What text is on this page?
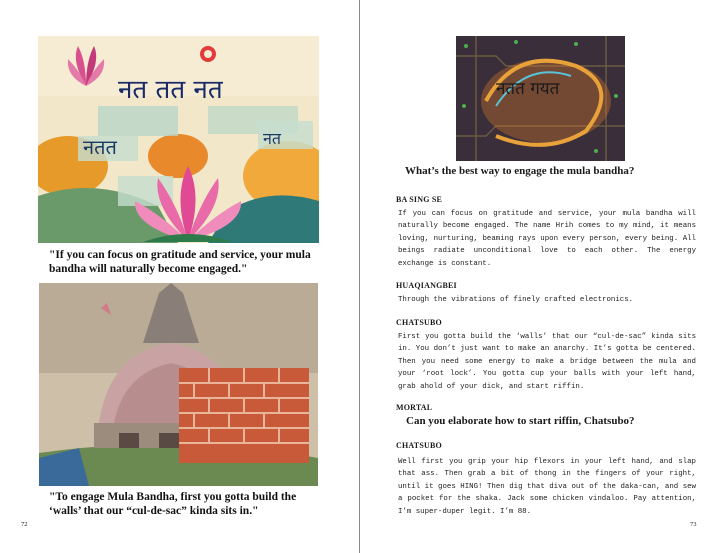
नत तत नत
नतत	नत
"If you can focus on gratitude and service, your mula bandha will naturally become engaged."
"To engage Mula Bandha, first you gotta build the ‘walls’ that our “cul-de-sac” kinda sits in."
72
नतत गयत
What’s the best way to engage the mula bandha?
BA SING SE
If you can focus on gratitude and service, your mula bandha will naturally become engaged. The name Hrih comes to my mind, it means loving, nurturing, beaming rays upon every person, every being. All beings radiate unconditional love to each other. The energy exchange is constant.
HUAQIANGBEI
Through the vibrations of finely crafted electronics.
CHATSUBO
First you gotta build the ‘walls’ that our “cul-de-sac” kinda sits in. You don’t just want to make an anarchy. It’s gotta be centered. Then you need some energy to make a bridge between the mula and your ‘root lock’. You gotta cup your balls with your left hand, grab ahold of your dick, and start riffin.
MORTAL
Can you elaborate how to start riffin, Chatsubo?
CHATSUBO
Well first you grip your hip flexors in your left hand, and slap that ass. Then grab a bit of thong in the fingers of your right, until it goes HING! Then dig that diva out of the daka-can, and sew a pocket for the shaka. Jack some chicken vindaloo. Pay attention, I’m super-duper legit. I’m 88.
73
